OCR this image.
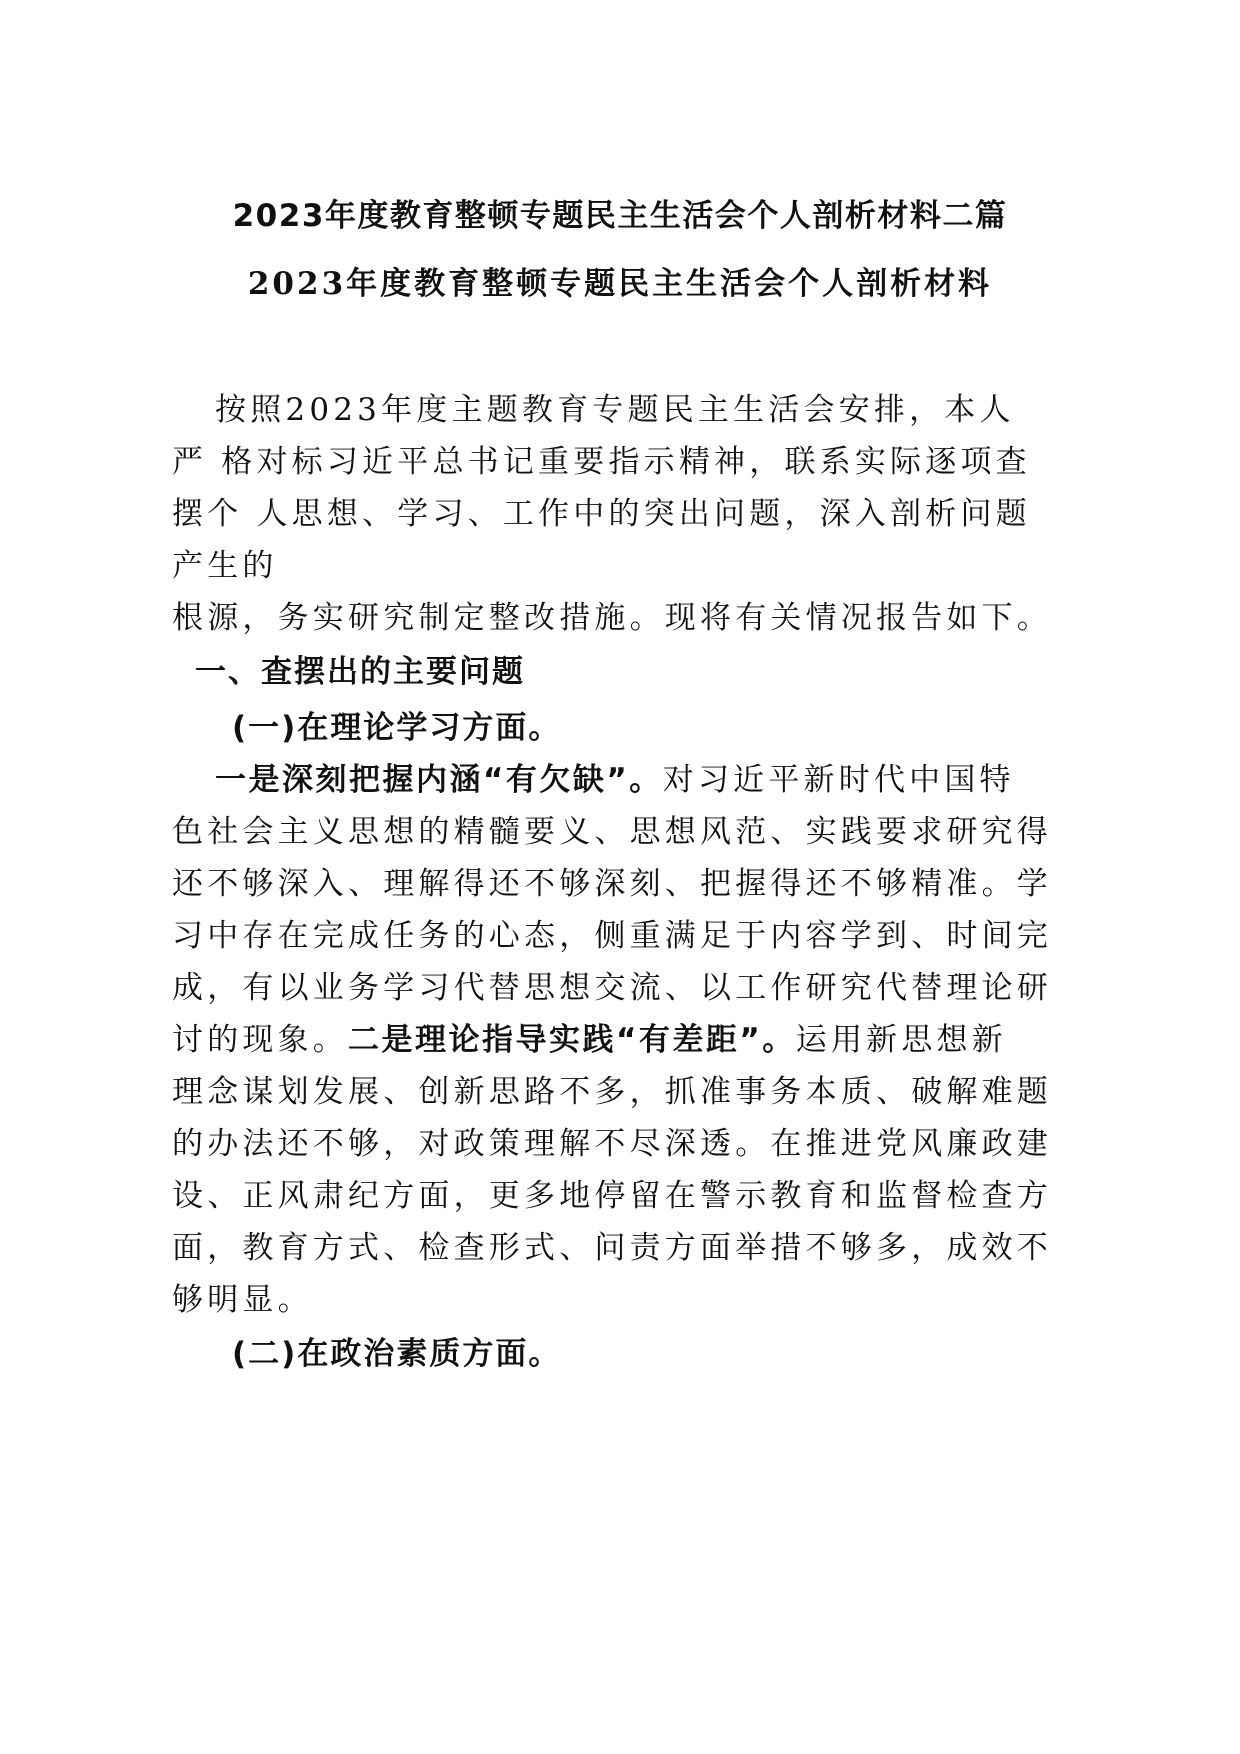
2023年度教育整顿专题民主生活会个人剖析材料二篇
2023年度教育整顿专题民主生活会个人剖析材料

按照2023年度主题教育专题民主生活会安排，本人

严 格对标习近平总书记重要指示精神，联系实际逐项查

摆个 人思想、学习、工作中的突出问题，深入剖析问题

产生的

根源，务实研究制定整改措施。现将有关情况报告如下。

一、查摆出的主要问题

(一)在理论学习方面。

一是深刻把握内涵“有欠缺”。对习近平新时代中国特

色社会主义思想的精髓要义、思想风范、实践要求研究得

还不够深入、理解得还不够深刻、把握得还不够精准。学

习中存在完成任务的心态，侧重满足于内容学到、时间完

成，有以业务学习代替思想交流、以工作研究代替理论研

讨的现象。二是理论指导实践“有差距”。运用新思想新

理念谋划发展、创新思路不多，抓准事务本质、破解难题

的办法还不够，对政策理解不尽深透。在推进党风廉政建

设、正风肃纪方面，更多地停留在警示教育和监督检查方

面，教育方式、检查形式、问责方面举措不够多，成效不

够明显。

(二)在政治素质方面。
